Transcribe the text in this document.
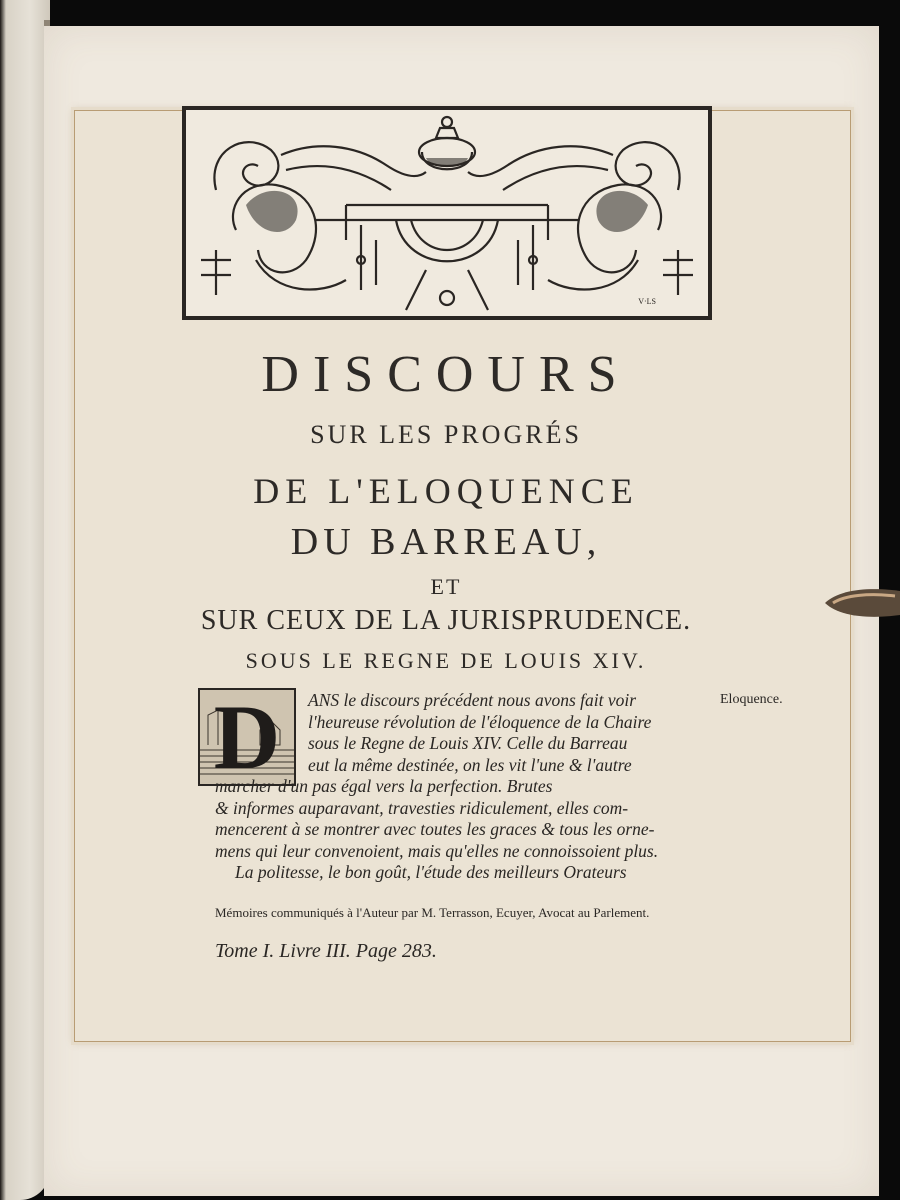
V·LS
DISCOURS
SUR LES PROGRÉS
DE L'ELOQUENCE
DU BARREAU,
ET
SUR CEUX DE LA JURISPRUDENCE.
SOUS LE REGNE DE LOUIS XIV.
D	ANS le discours précédent nous avons fait voir
l'heureuse révolution de l'éloquence de la Chaire
sous le Regne de Louis XIV. Celle du Barreau
eut la même destinée, on les vit l'une & l'autre
marcher d'un pas égal vers la perfection. Brutes
& informes auparavant, travesties ridiculement, elles com-
mencerent à se montrer avec toutes les graces & tous les orne-
mens qui leur convenoient, mais qu'elles ne connoissoient plus.
La politesse, le bon goût, l'étude des meilleurs Orateurs
Eloquence.
Mémoires communiqués à l'Auteur par M. Terrasson, Ecuyer, Avocat au Parlement.
Tome I. Livre III. Page 283.
